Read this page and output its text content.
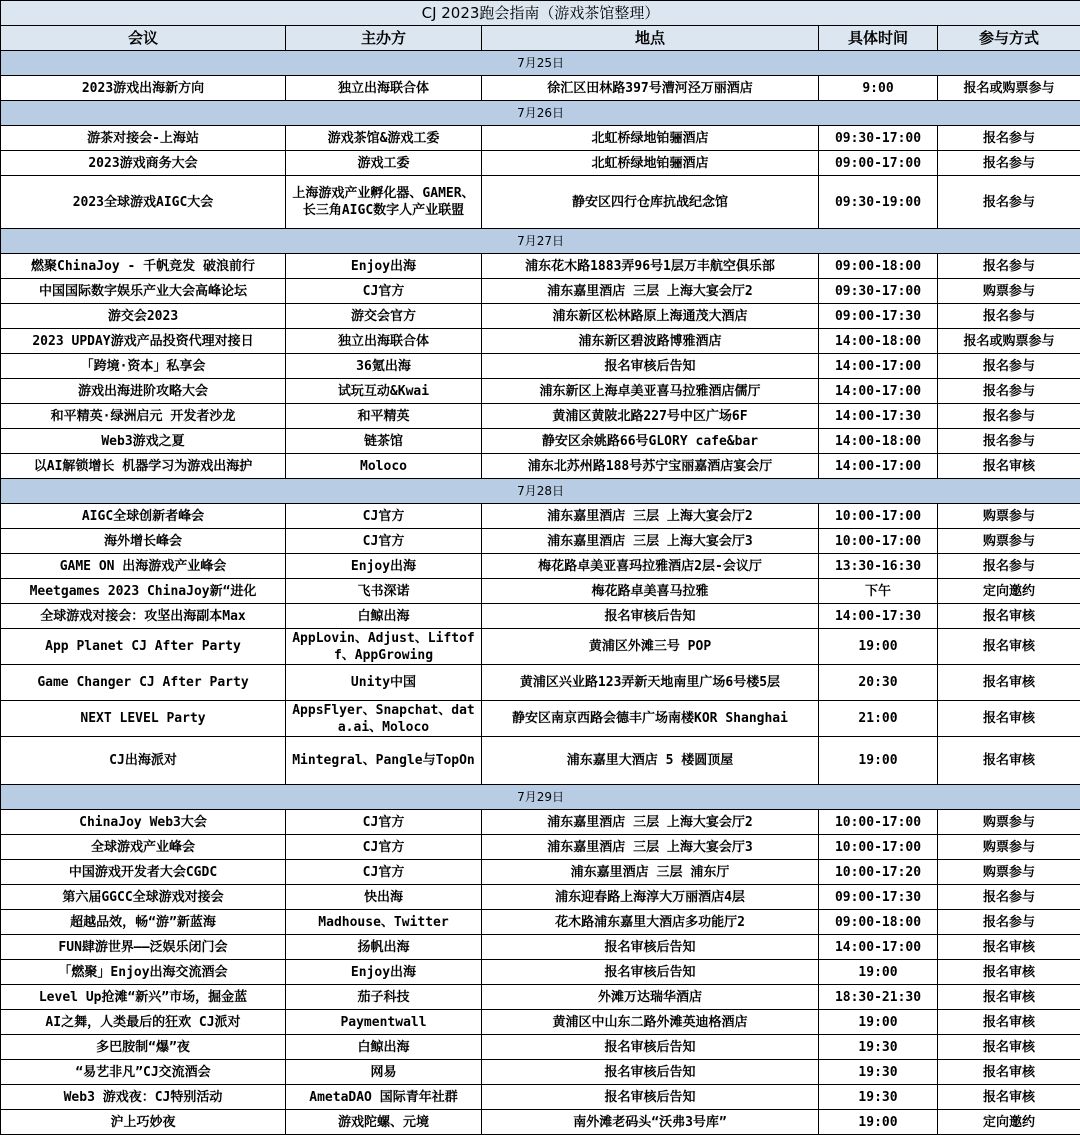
CJ 2023跑会指南（游戏茶馆整理）				
会议	主办方	地点	具体时间	参与方式
7月25日				
2023游戏出海新方向	独立出海联合体	徐汇区田林路397号漕河泾万丽酒店	9:00	报名或购票参与
7月26日				
游茶对接会-上海站	游戏茶馆&游戏工委	北虹桥绿地铂骊酒店	09:30-17:00	报名参与
2023游戏商务大会	游戏工委	北虹桥绿地铂骊酒店	09:00-17:00	报名参与
2023全球游戏AIGC大会	上海游戏产业孵化器、GAMER、长三角AIGC数字人产业联盟	静安区四行仓库抗战纪念馆	09:30-19:00	报名参与
7月27日				
燃聚ChinaJoy - 千帆竞发 破浪前行	Enjoy出海	浦东花木路1883弄96号1层万丰航空俱乐部	09:00-18:00	报名参与
中国国际数字娱乐产业大会高峰论坛	CJ官方	浦东嘉里酒店 三层 上海大宴会厅2	09:30-17:00	购票参与
游交会2023	游交会官方	浦东新区松林路原上海通茂大酒店	09:00-17:30	报名参与
2023 UPDAY游戏产品投资代理对接日	独立出海联合体	浦东新区碧波路博雅酒店	14:00-18:00	报名或购票参与
「跨境·资本」私享会	36氪出海	报名审核后告知	14:00-17:00	报名参与
游戏出海进阶攻略大会	试玩互动&Kwai	浦东新区上海卓美亚喜马拉雅酒店儒厅	14:00-17:00	报名参与
和平精英·绿洲启元 开发者沙龙	和平精英	黄浦区黄陂北路227号中区广场6F	14:00-17:30	报名参与
Web3游戏之夏	链茶馆	静安区余姚路66号GLORY cafe&bar	14:00-18:00	报名参与
以AI解锁增长 机器学习为游戏出海护	Moloco	浦东北苏州路188号苏宁宝丽嘉酒店宴会厅	14:00-17:00	报名审核
7月28日				
AIGC全球创新者峰会	CJ官方	浦东嘉里酒店 三层 上海大宴会厅2	10:00-17:00	购票参与
海外增长峰会	CJ官方	浦东嘉里酒店 三层 上海大宴会厅3	10:00-17:00	购票参与
GAME ON 出海游戏产业峰会	Enjoy出海	梅花路卓美亚喜玛拉雅酒店2层-会议厅	13:30-16:30	报名参与
Meetgames 2023 ChinaJoy新“进化	飞书深诺	梅花路卓美喜马拉雅	下午	定向邀约
全球游戏对接会：攻坚出海副本Max	白鲸出海	报名审核后告知	14:00-17:30	报名审核
App Planet CJ After Party	AppLovin、Adjust、Liftoff、AppGrowing	黄浦区外滩三号 POP	19:00	报名审核
Game Changer CJ After Party	Unity中国	黄浦区兴业路123弄新天地南里广场6号楼5层	20:30	报名审核
NEXT LEVEL Party	AppsFlyer、Snapchat、data.ai、Moloco	静安区南京西路会德丰广场南楼KOR Shanghai	21:00	报名审核
CJ出海派对	Mintegral、Pangle与TopOn	浦东嘉里大酒店 5 楼圆顶屋	19:00	报名审核
7月29日				
ChinaJoy Web3大会	CJ官方	浦东嘉里酒店 三层 上海大宴会厅2	10:00-17:00	购票参与
全球游戏产业峰会	CJ官方	浦东嘉里酒店 三层 上海大宴会厅3	10:00-17:00	购票参与
中国游戏开发者大会CGDC	CJ官方	浦东嘉里酒店 三层 浦东厅	10:00-17:20	购票参与
第六届GGCC全球游戏对接会	快出海	浦东迎春路上海淳大万丽酒店4层	09:00-17:30	报名参与
超越品效，畅“游”新蓝海	Madhouse、Twitter	花木路浦东嘉里大酒店多功能厅2	09:00-18:00	报名参与
FUN肆游世界——泛娱乐闭门会	扬帆出海	报名审核后告知	14:00-17:00	报名审核
「燃聚」Enjoy出海交流酒会	Enjoy出海	报名审核后告知	19:00	报名审核
Level Up抢滩“新兴”市场，掘金蓝	茄子科技	外滩万达瑞华酒店	18:30-21:30	报名审核
AI之舞，人类最后的狂欢 CJ派对	Paymentwall	黄浦区中山东二路外滩英迪格酒店	19:00	报名审核
多巴胺制“爆”夜	白鲸出海	报名审核后告知	19:30	报名审核
“易艺非凡”CJ交流酒会	网易	报名审核后告知	19:30	报名审核
Web3 游戏夜：CJ特别活动	AmetaDAO 国际青年社群	报名审核后告知	19:30	报名审核
沪上巧妙夜	游戏陀螺、元境	南外滩老码头“沃弗3号库”	19:00	定向邀约
